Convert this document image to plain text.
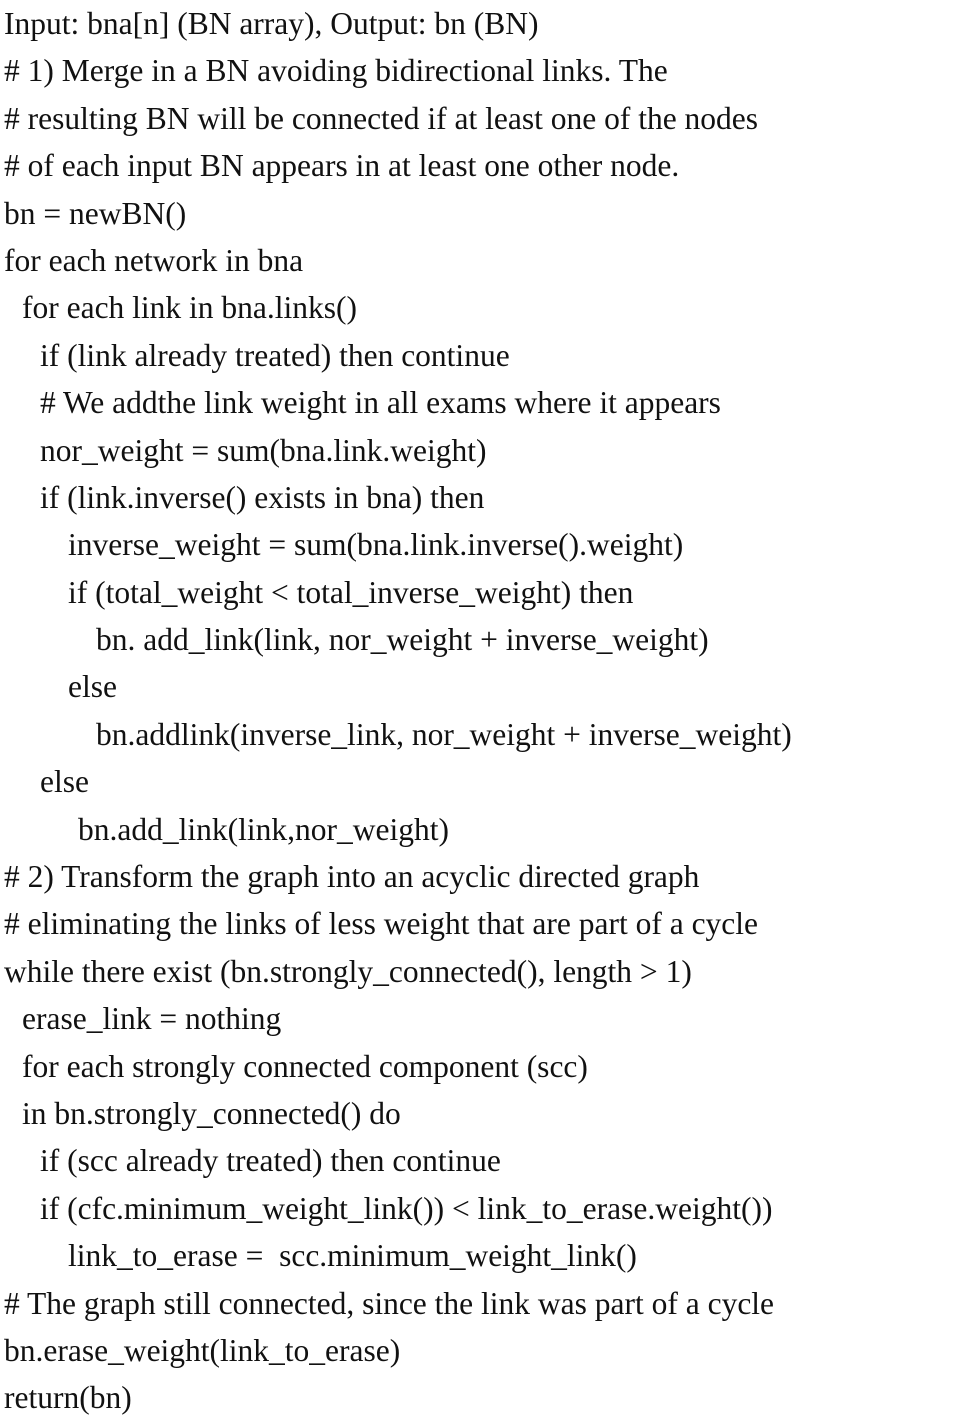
Input: bna[n] (BN array), Output: bn (BN)
# 1) Merge in a BN avoiding bidirectional links. The
# resulting BN will be connected if at least one of the nodes
# of each input BN appears in at least one other node.
bn = newBN()
for each network in bna
for each link in bna.links()
if (link already treated) then continue
# We addthe link weight in all exams where it appears
nor_weight = sum(bna.link.weight)
if (link.inverse() exists in bna) then
inverse_weight = sum(bna.link.inverse().weight)
if (total_weight < total_inverse_weight) then
bn. add_link(link, nor_weight + inverse_weight)
else
bn.addlink(inverse_link, nor_weight + inverse_weight)
else
bn.add_link(link,nor_weight)
# 2) Transform the graph into an acyclic directed graph
# eliminating the links of less weight that are part of a cycle
while there exist (bn.strongly_connected(), length > 1)
erase_link = nothing
for each strongly connected component (scc)
in bn.strongly_connected() do
if (scc already treated) then continue
if (cfc.minimum_weight_link()) < link_to_erase.weight())
link_to_erase =  scc.minimum_weight_link()
# The graph still connected, since the link was part of a cycle
bn.erase_weight(link_to_erase)
return(bn)
